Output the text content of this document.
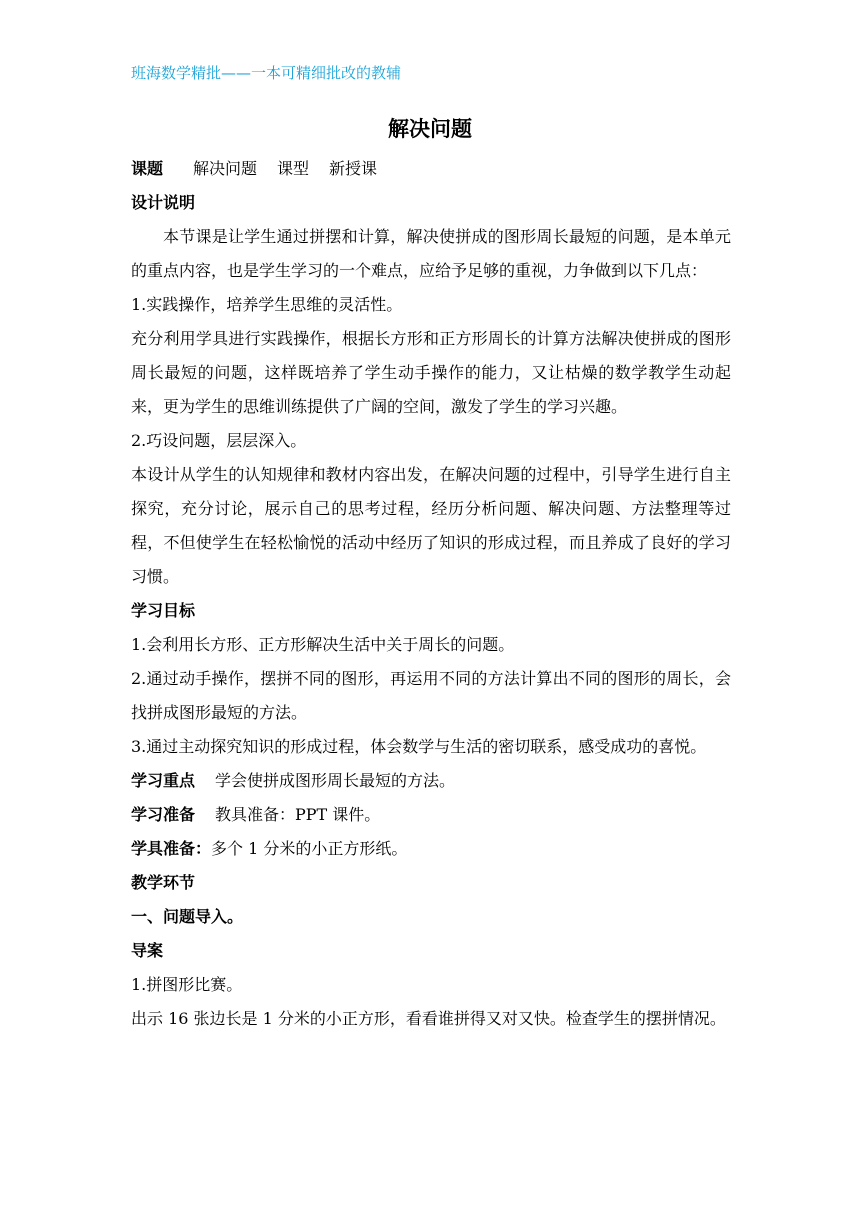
班海数学精批——一本可精细批改的教辅
解决问题
课题 解决问题 课型 新授课
设计说明
本节课是让学生通过拼摆和计算，解决使拼成的图形周长最短的问题，是本单元的重点内容，也是学生学习的一个难点，应给予足够的重视，力争做到以下几点：
1.实践操作，培养学生思维的灵活性。
充分利用学具进行实践操作，根据长方形和正方形周长的计算方法解决使拼成的图形周长最短的问题，这样既培养了学生动手操作的能力，又让枯燥的数学教学生动起来，更为学生的思维训练提供了广阔的空间，激发了学生的学习兴趣。
2.巧设问题，层层深入。
本设计从学生的认知规律和教材内容出发，在解决问题的过程中，引导学生进行自主探究，充分讨论，展示自己的思考过程，经历分析问题、解决问题、方法整理等过程，不但使学生在轻松愉悦的活动中经历了知识的形成过程，而且养成了良好的学习习惯。
学习目标
1.会利用长方形、正方形解决生活中关于周长的问题。
2.通过动手操作，摆拼不同的图形，再运用不同的方法计算出不同的图形的周长，会找拼成图形最短的方法。
3.通过主动探究知识的形成过程，体会数学与生活的密切联系，感受成功的喜悦。
学习重点 学会使拼成图形周长最短的方法。
学习准备 教具准备：PPT 课件。
学具准备：多个 1 分米的小正方形纸。
教学环节
一、问题导入。
导案
1.拼图形比赛。
出示 16 张边长是 1 分米的小正方形，看看谁拼得又对又快。检查学生的摆拼情况。
